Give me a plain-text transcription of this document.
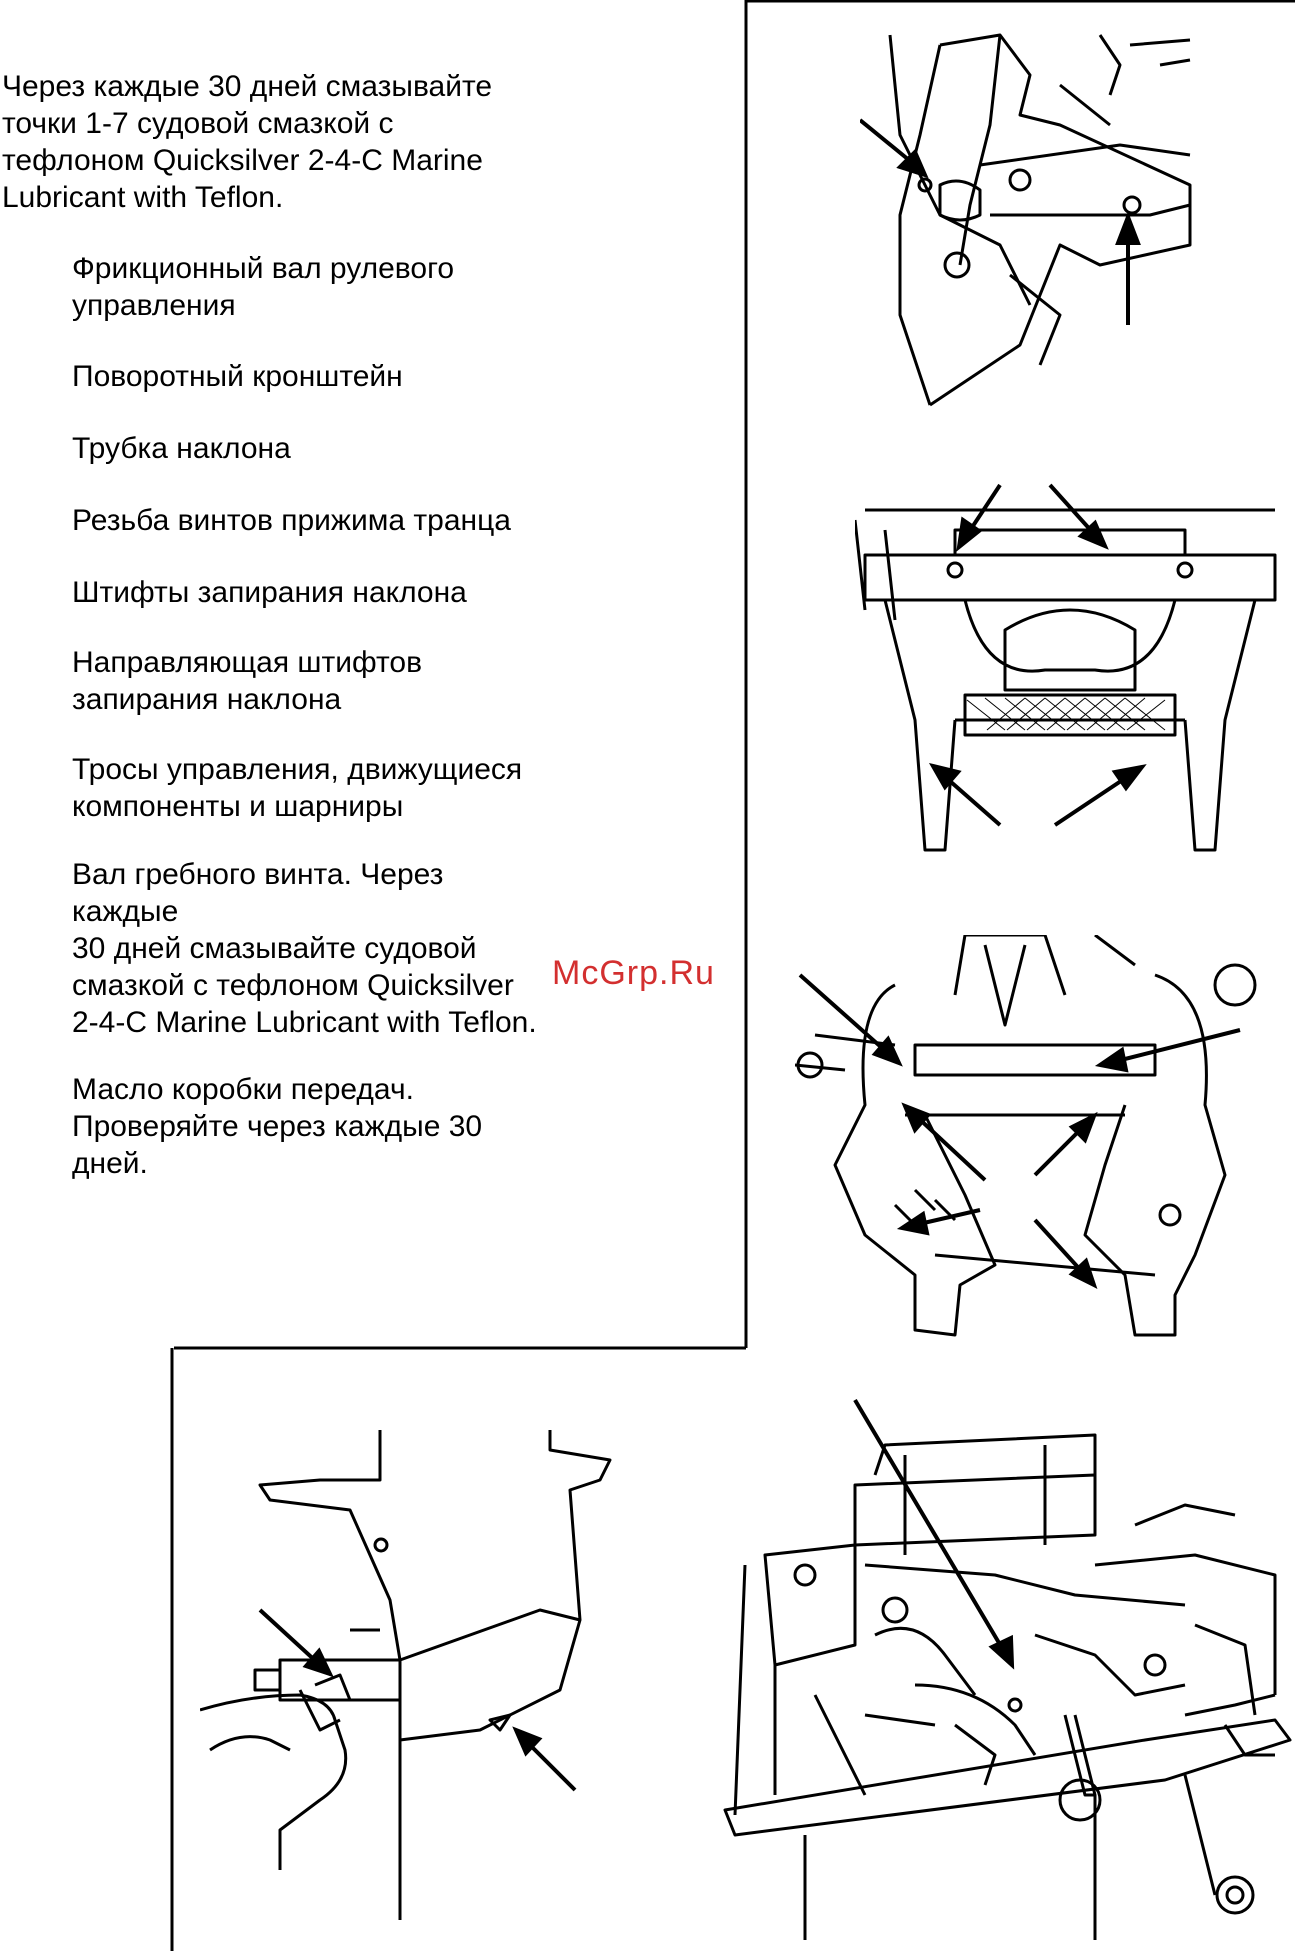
Через каждые 30 дней смазывайте
точки 1-7 судовой смазкой с
тефлоном Quicksilver 2-4-C Marine
Lubricant with Teflon.

Фрикционный вал рулевого
управления
Поворотный кронштейн
Трубка наклона
Резьба винтов прижима транца
Штифты запирания наклона
Направляющая штифтов
запирания наклона
Тросы управления, движущиеся
компоненты и шарниры
Вал гребного винта. Через
каждые
30 дней смазывайте судовой
смазкой с тефлоном Quicksilver
2-4-C Marine Lubricant with Teflon.
Масло коробки передач.
Проверяйте через каждые 30
дней.
McGrp.Ru
